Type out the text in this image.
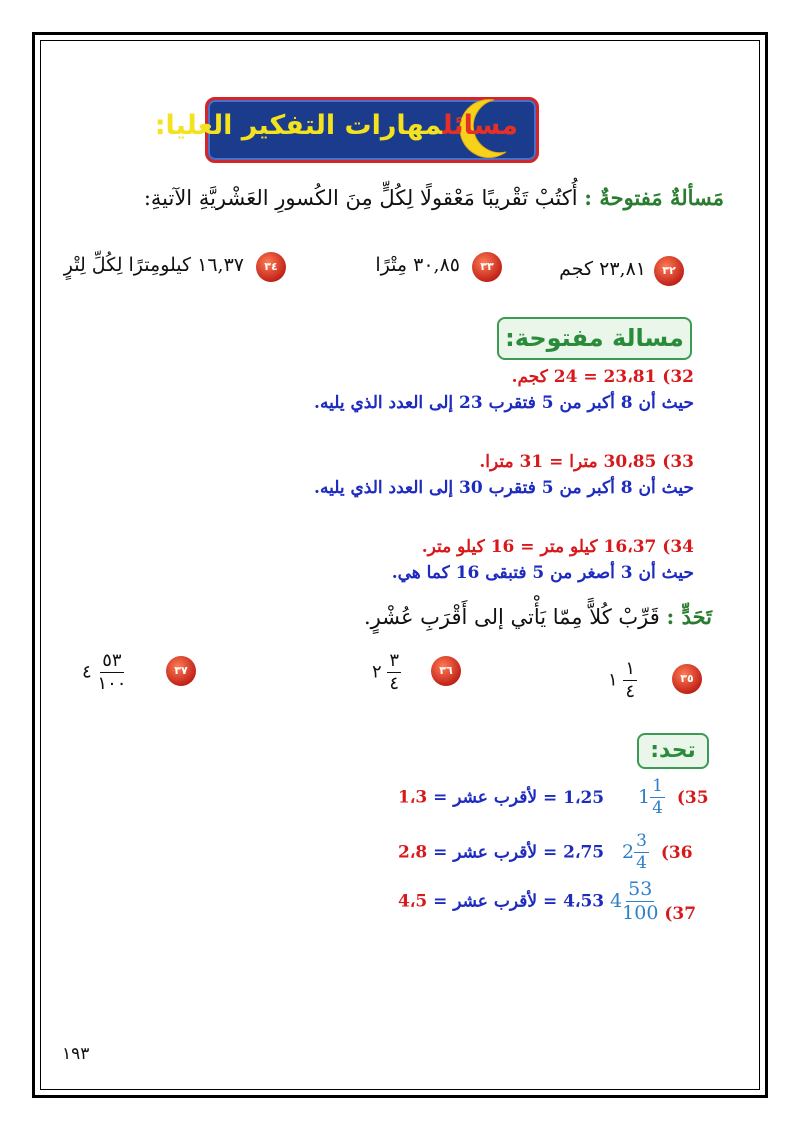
مسائلمهارات التفكير العليا:
مَسألةٌ مَفتوحةٌ : أُكتُبْ تَقْريبًا مَعْقولًا لِكُلٍّ مِنَ الكُسورِ العَشْريَّةِ الآتيةِ:
٣٢
٢٣,٨١ كجم
٣٣
٣٠,٨٥ مِتْرًا
٣٤
١٦,٣٧ كيلومِترًا لِكُلِّ لِتْرٍ
مسالة مفتوحة:
32) 23،81 = 24 كجم.
حيث أن 8 أكبر من 5 فتقرب 23 إلى العدد الذي يليه.
33) 30،85 مترا = 31 مترا.
حيث أن 8 أكبر من 5 فتقرب 30 إلى العدد الذي يليه.
34) 16،37 كيلو متر = 16 كيلو متر.
حيث أن 3 أصغر من 5 فتبقى 16 كما هي.
تَحَدٍّ : قَرِّبْ كُلاًّ مِمّا يَأْتي إلى أَقْرَبِ عُشْرٍ.
٣٥
١ $\frac{١}{٤}$
٣٦
٢ $\frac{٣}{٤}$
٣٧
٤ $\frac{٥٣}{١٠٠}$
تحد:
1،3 لأقرب عشر = = 1،25 $1 \frac{1}{4} (35$
2،8 لأقرب عشر = = 2،75 $2 \frac{3}{4} (36$
4،5 لأقرب عشر = = 4،53 $4 \frac{53}{100} (37$
١٩٣
